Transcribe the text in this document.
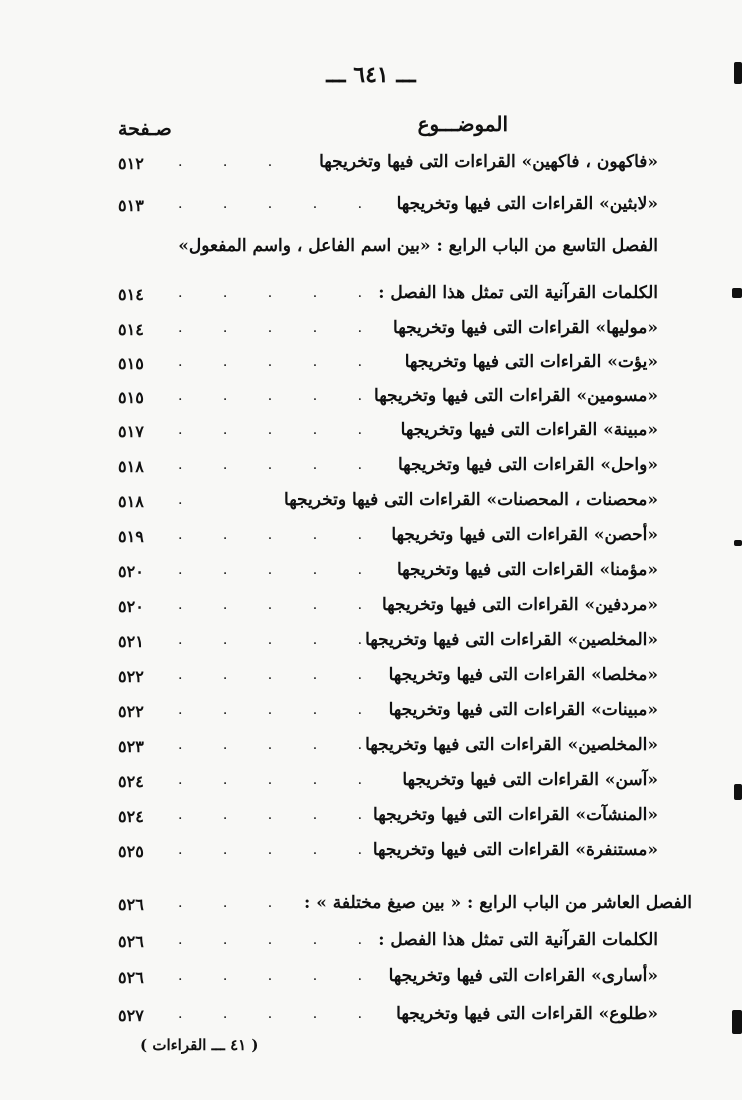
ـــ ٦٤١ ـــ
الموضـــوع
صـفحة
«فاكهون ، فاكهين» القراءات التى فيها وتخريجها
. . .
٥١٢
«لابثين» القراءات التى فيها وتخريجها
. . . . .
٥١٣
الفصل التاسع من الباب الرابع : «بين اسم الفاعل ، واسم المفعول»
الكلمات القرآنية التى تمثل هذا الفصل :
. . . . .
٥١٤
«موليها» القراءات التى فيها وتخريجها
. . . . .
٥١٤
«يؤت» القراءات التى فيها وتخريجها
. . . . .
٥١٥
«مسومين» القراءات التى فيها وتخريجها
. . . . .
٥١٥
«مبينة» القراءات التى فيها وتخريجها
. . . . .
٥١٧
«واحل» القراءات التى فيها وتخريجها
. . . . .
٥١٨
«محصنات ، المحصنات» القراءات التى فيها وتخريجها
.
٥١٨
«أحصن» القراءات التى فيها وتخريجها
. . . . .
٥١٩
«مؤمنا» القراءات التى فيها وتخريجها
. . . . .
٥٢٠
«مردفين» القراءات التى فيها وتخريجها
. . . . .
٥٢٠
«المخلصين» القراءات التى فيها وتخريجها
. . . . .
٥٢١
«مخلصا» القراءات التى فيها وتخريجها
. . . . .
٥٢٢
«مبينات» القراءات التى فيها وتخريجها
. . . . .
٥٢٢
«المخلصين» القراءات التى فيها وتخريجها
. . . . .
٥٢٣
«آسن» القراءات التى فيها وتخريجها
. . . . .
٥٢٤
«المنشآت» القراءات التى فيها وتخريجها
. . . . .
٥٢٤
«مستنفرة» القراءات التى فيها وتخريجها
. . . . .
٥٢٥
الفصل العاشر من الباب الرابع : « بين صيغ مختلفة » :
. . .
٥٢٦
الكلمات القرآنية التى تمثل هذا الفصل :
. . . . .
٥٢٦
«أسارى» القراءات التى فيها وتخريجها
. . . . .
٥٢٦
«طلوع» القراءات التى فيها وتخريجها
. . . . .
٥٢٧
( ٤١ ـــ القراءات )
